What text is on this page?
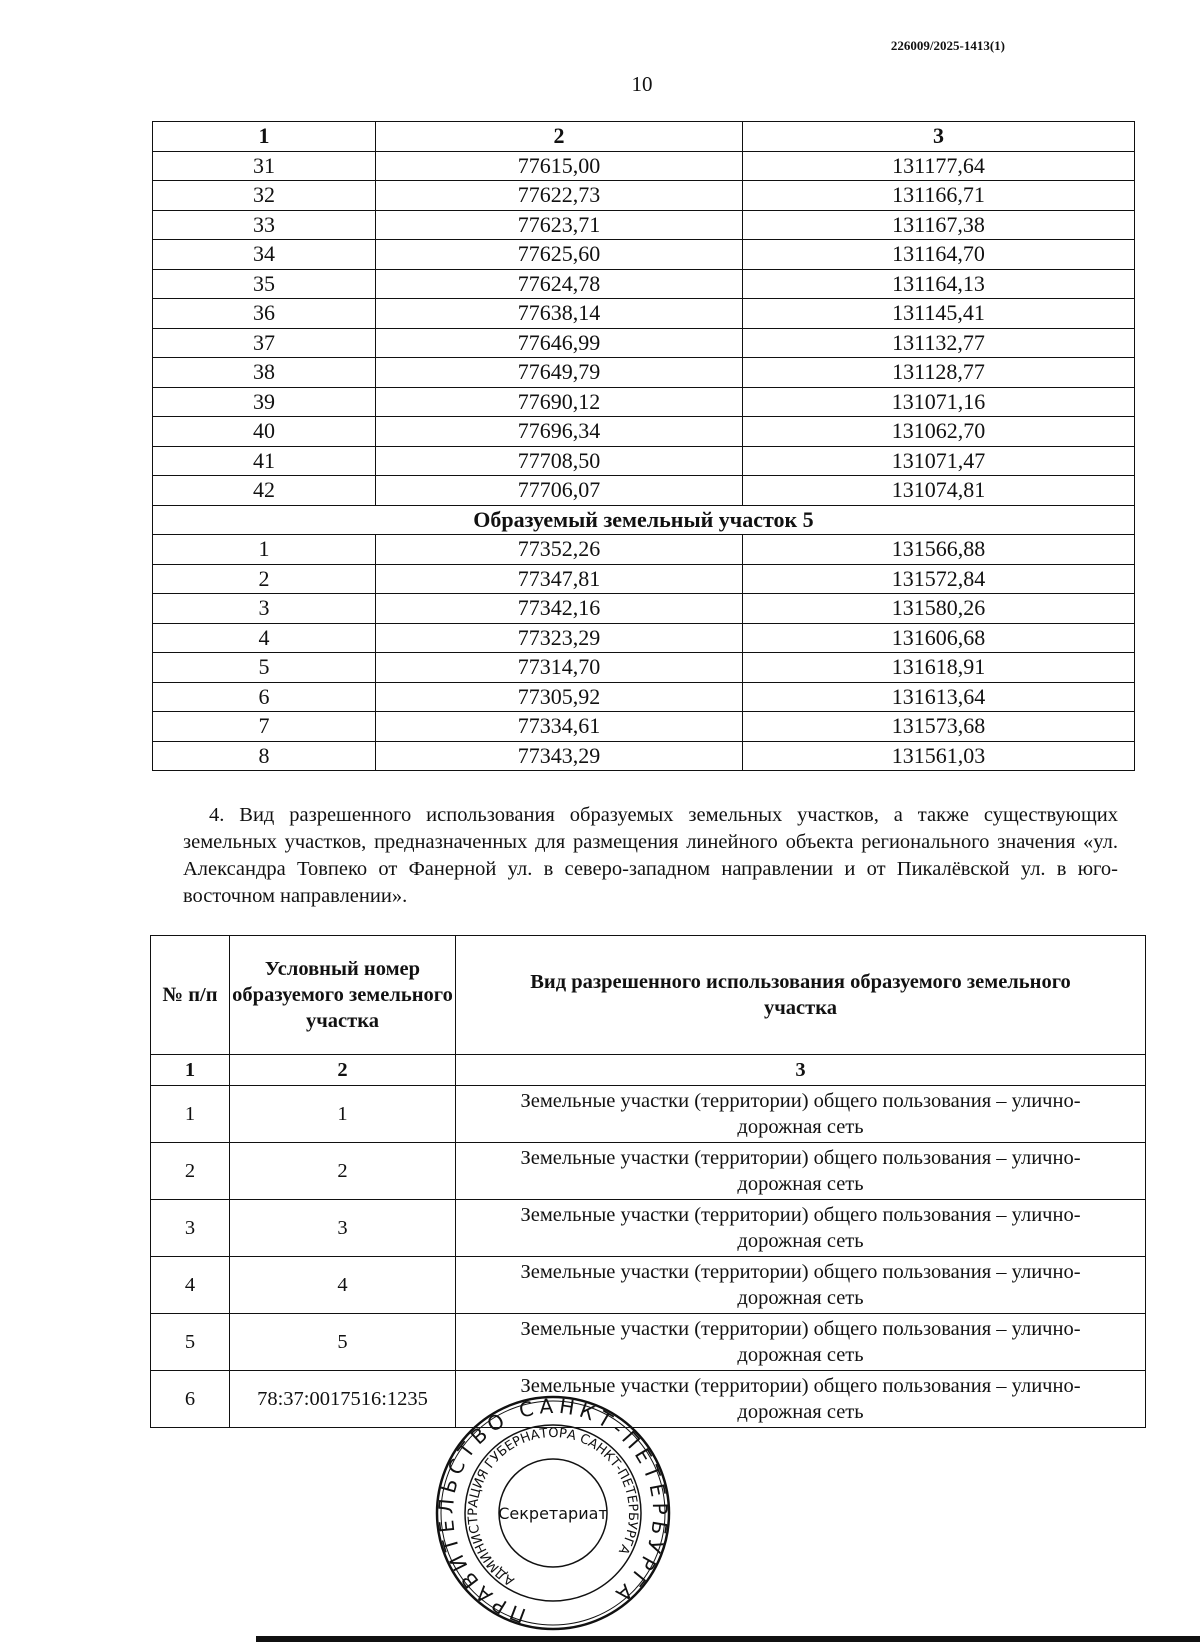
226009/2025-1413(1)
10
1	2	3
31	77615,00	131177,64
32	77622,73	131166,71
33	77623,71	131167,38
34	77625,60	131164,70
35	77624,78	131164,13
36	77638,14	131145,41
37	77646,99	131132,77
38	77649,79	131128,77
39	77690,12	131071,16
40	77696,34	131062,70
41	77708,50	131071,47
42	77706,07	131074,81
Образуемый земельный участок 5		
1	77352,26	131566,88
2	77347,81	131572,84
3	77342,16	131580,26
4	77323,29	131606,68
5	77314,70	131618,91
6	77305,92	131613,64
7	77334,61	131573,68
8	77343,29	131561,03
4. Вид разрешенного использования образуемых земельных участков, а также существующих земельных участков, предназначенных для размещения линейного объекта регионального значения «ул. Александра Товпеко от Фанерной ул. в северо-западном направлении и от Пикалёвской ул. в юго-восточном направлении».
№ п/п	Условный номер образуемого земельного участка	Вид разрешенного использования образуемого земельного участка
1	2	3
1	1	Земельные участки (территории) общего пользования – улично-дорожная сеть
2	2	Земельные участки (территории) общего пользования – улично-дорожная сеть
3	3	Земельные участки (территории) общего пользования – улично-дорожная сеть
4	4	Земельные участки (территории) общего пользования – улично-дорожная сеть
5	5	Земельные участки (территории) общего пользования – улично-дорожная сеть
6	78:37:0017516:1235	Земельные участки (территории) общего пользования – улично-дорожная сеть
ПРАВИТЕЛЬСТВО САНКТ-ПЕТЕРБУРГА
АДМИНИСТРАЦИЯ ГУБЕРНАТОРА САНКТ-ПЕТЕРБУРГА
Секретариат
